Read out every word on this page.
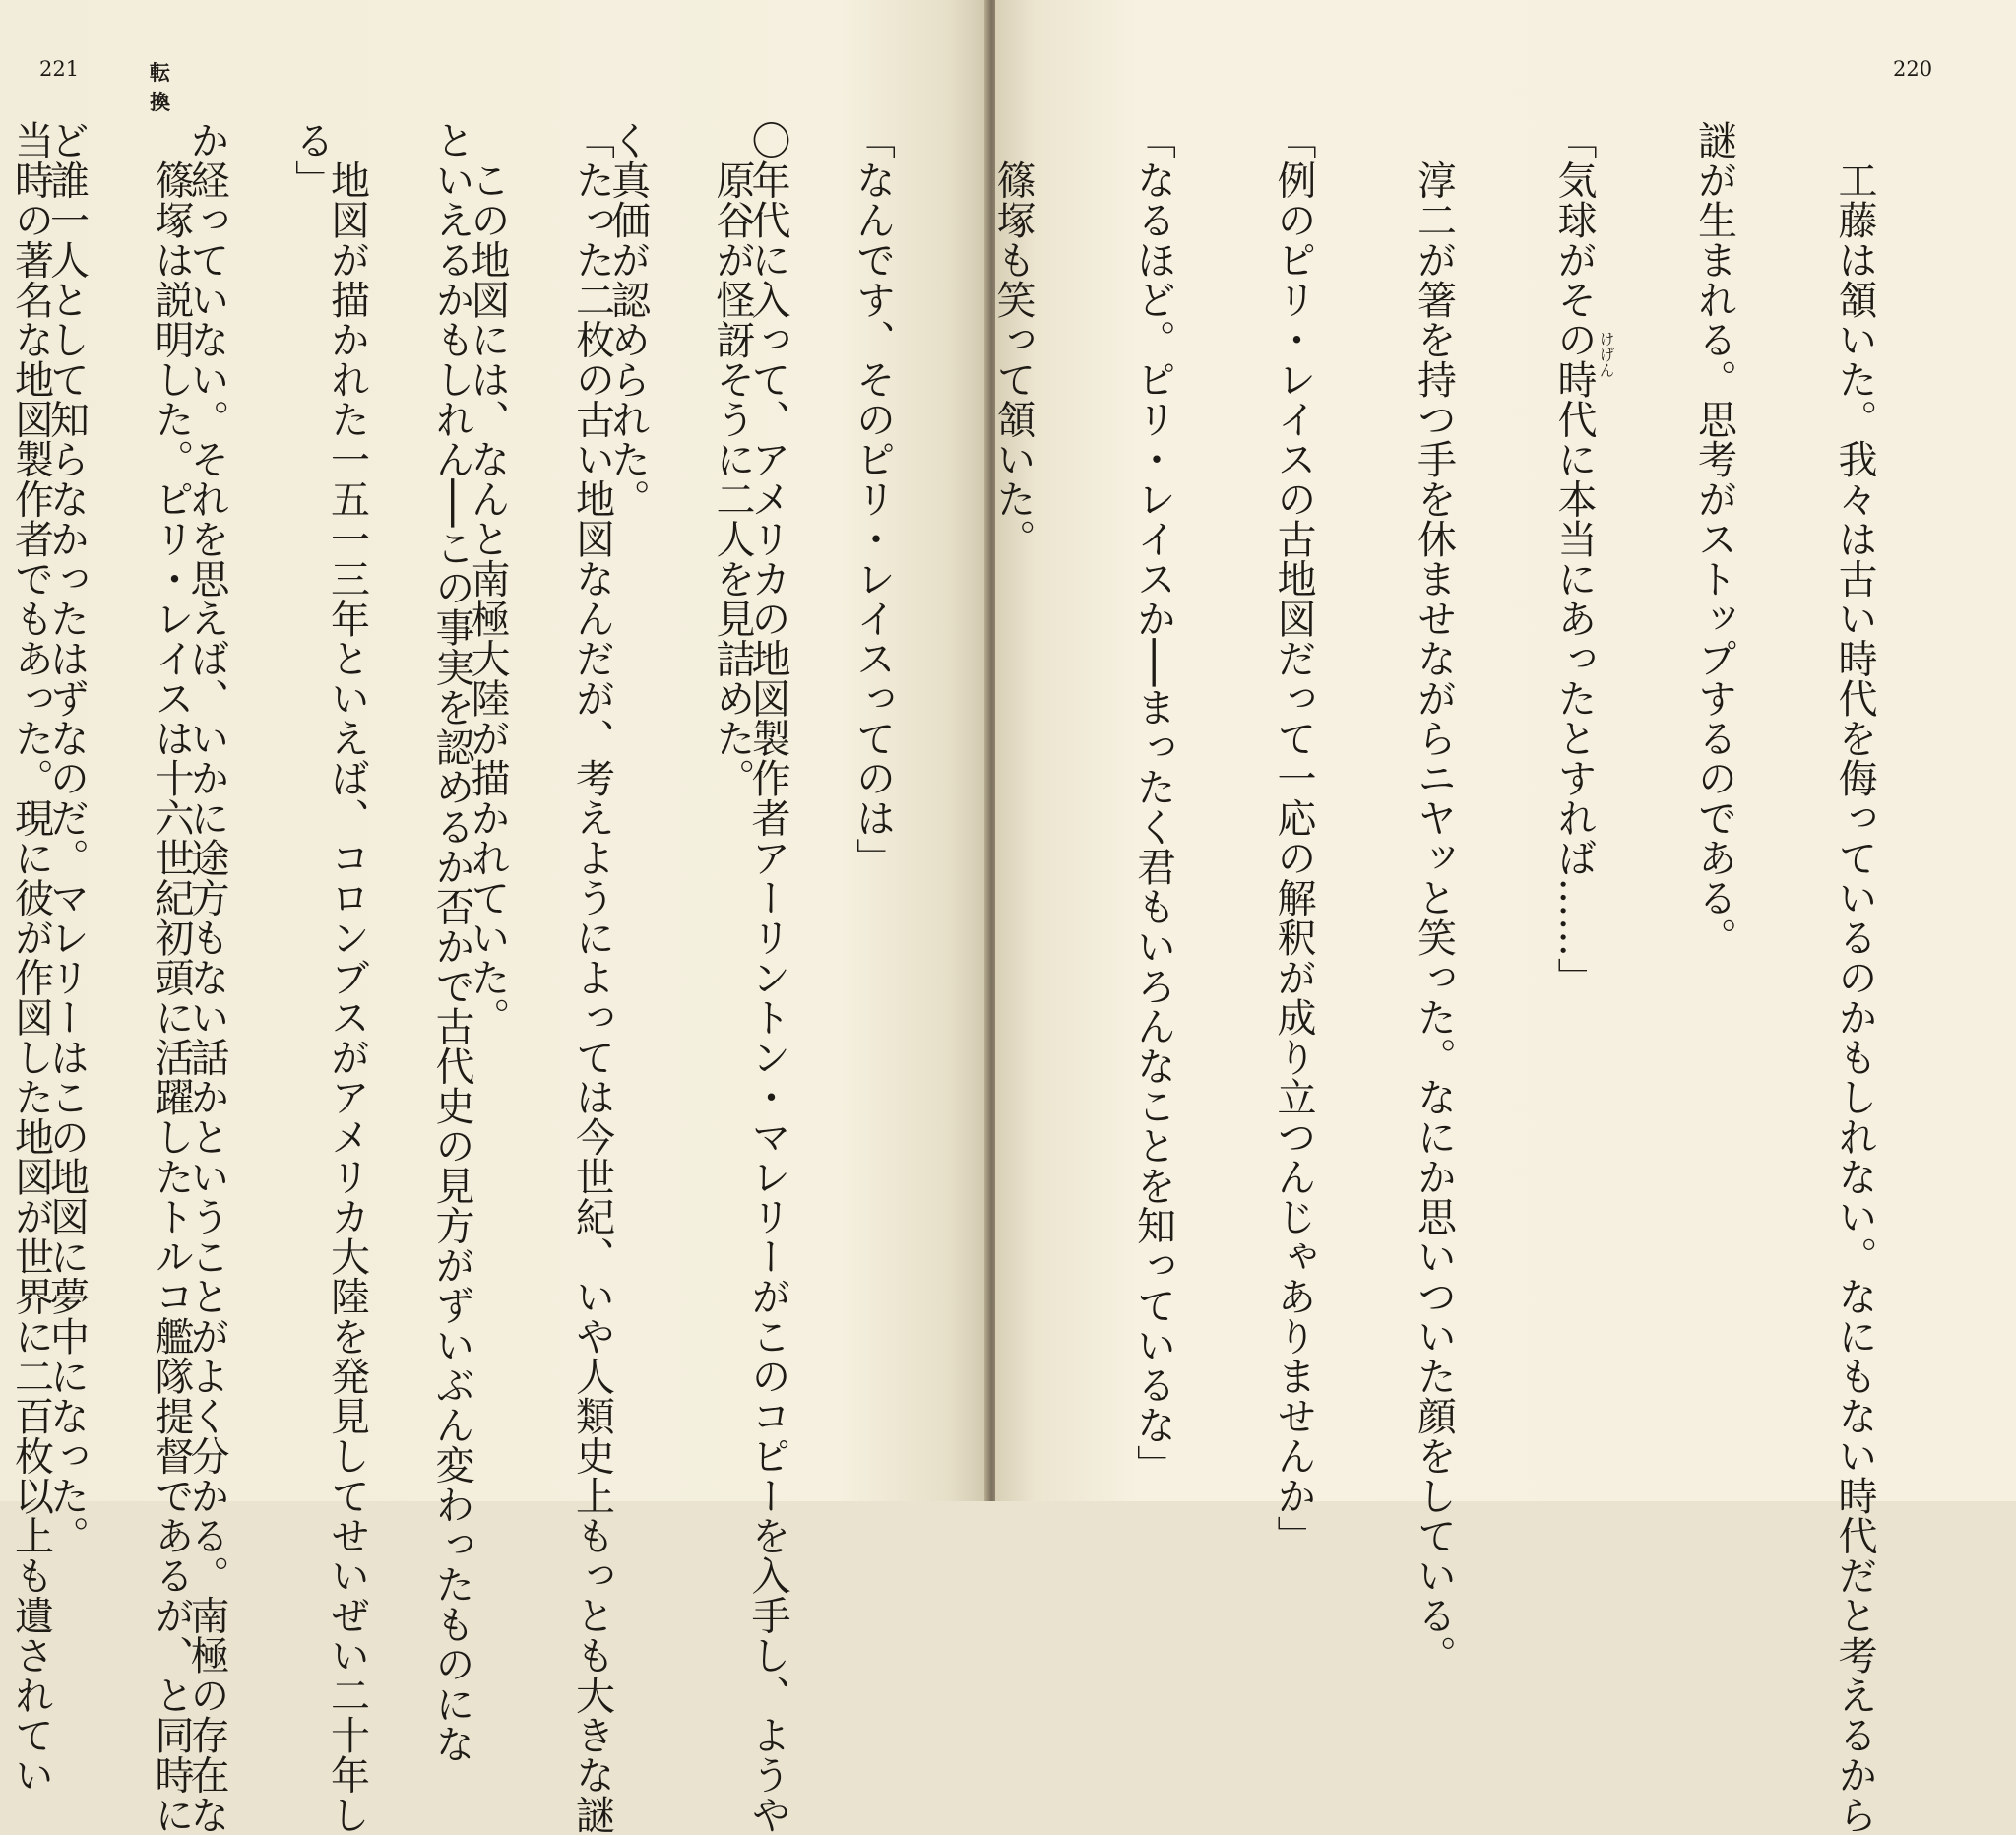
221	転換

〇年代に入って、アメリカの地図製作者アーリントン・マレリーがこのコピーを入手し、ようや

く真価が認められた。

　この地図には、なんと南極大陸が描かれていた。

　地図が描かれた一五一三年といえば、コロンブスがアメリカ大陸を発見してせいぜい二十年し

か経っていない。それを思えば、いかに途方もない話かということがよく分かる。南極の存在な

ど誰一人として知らなかったはずなのだ。マレリーはこの地図に夢中になった。

220

　工藤は頷いた。我々は古い時代を侮っているのかもしれない。なにもない時代だと考えるから

謎が生まれる。思考がストップするのである。

「気球がその時代に本当にあったとすれば……」

　淳二が箸を持つ手を休ませながらニヤッと笑った。なにか思いついた顔をしている。

「例のピリ・レイスの古地図だって一応の解釈が成り立つんじゃありませんか」

「なるほど。ピリ・レイスか──まったく君もいろんなことを知っているな」

　篠塚も笑って頷いた。

「なんです、そのピリ・レイスってのは」

　原谷が怪訝そうに二人を見詰めた。

「たった二枚の古い地図なんだが、考えようによっては今世紀、いや人類史上もっとも大きな謎

といえるかもしれん──この事実を認めるか否かで古代史の見方がずいぶん変わったものにな

る」

　篠塚は説明した。ピリ・レイスは十六世紀初頭に活躍したトルコ艦隊提督であるが、と同時に

当時の著名な地図製作者でもあった。現に彼が作図した地図が世界に二百枚以上も遺されてい

	けげん
